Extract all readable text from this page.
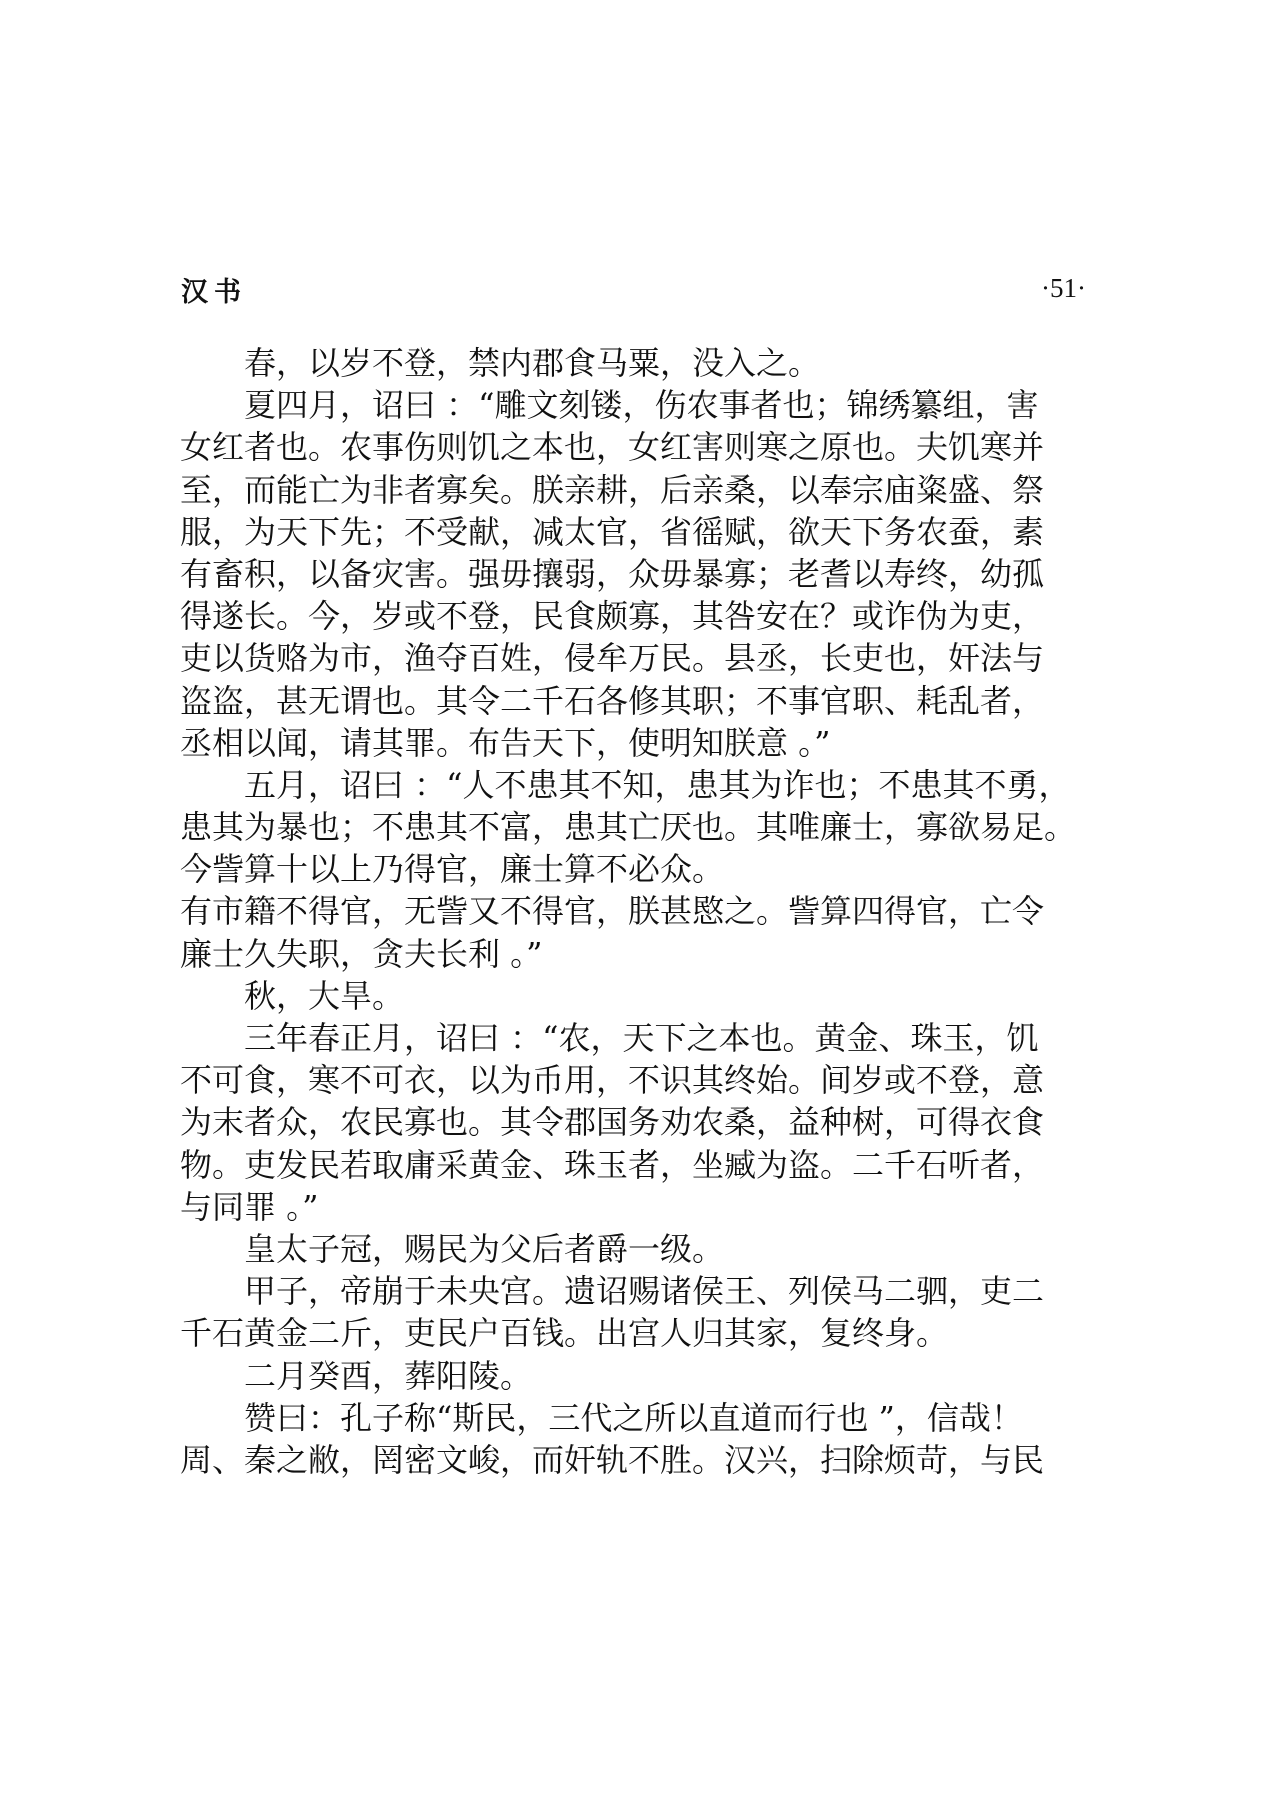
汉书	·51·
春，以岁不登，禁内郡食马粟，没入之。
夏四月，诏曰 ：“雕文刻镂，伤农事者也；锦绣纂组，害
女红者也。农事伤则饥之本也，女红害则寒之原也。夫饥寒并
至，而能亡为非者寡矣。朕亲耕，后亲桑，以奉宗庙粢盛、祭
服，为天下先；不受献，减太官，省徭赋，欲天下务农蚕，素
有畜积，以备灾害。强毋攘弱，众毋暴寡；老耆以寿终，幼孤
得遂长。今，岁或不登，民食颇寡，其咎安在？或诈伪为吏，
吏以货赂为市，渔夺百姓，侵牟万民。县丞，长吏也，奸法与
盗盗，甚无谓也。其令二千石各修其职；不事官职、耗乱者，
丞相以闻，请其罪。布告天下，使明知朕意 。”
五月，诏曰 ：“人不患其不知，患其为诈也；不患其不勇，
患其为暴也；不患其不富，患其亡厌也。其唯廉士，寡欲易足。
今訾算十以上乃得官，廉士算不必众。
有市籍不得官，无訾又不得官，朕甚愍之。訾算四得官，亡令
廉士久失职，贪夫长利 。”
秋，大旱。
三年春正月，诏曰 ：“农，天下之本也。黄金、珠玉，饥
不可食，寒不可衣，以为币用，不识其终始。间岁或不登，意
为末者众，农民寡也。其令郡国务劝农桑，益种树，可得衣食
物。吏发民若取庸采黄金、珠玉者，坐臧为盗。二千石听者，
与同罪 。”
皇太子冠，赐民为父后者爵一级。
甲子，帝崩于未央宫。遗诏赐诸侯王、列侯马二驷，吏二
千石黄金二斤，吏民户百钱。出宫人归其家，复终身。
二月癸酉，葬阳陵。
赞曰：孔子称“斯民，三代之所以直道而行也 ”，信哉！
周、秦之敝，罔密文峻，而奸轨不胜。汉兴，扫除烦苛，与民
